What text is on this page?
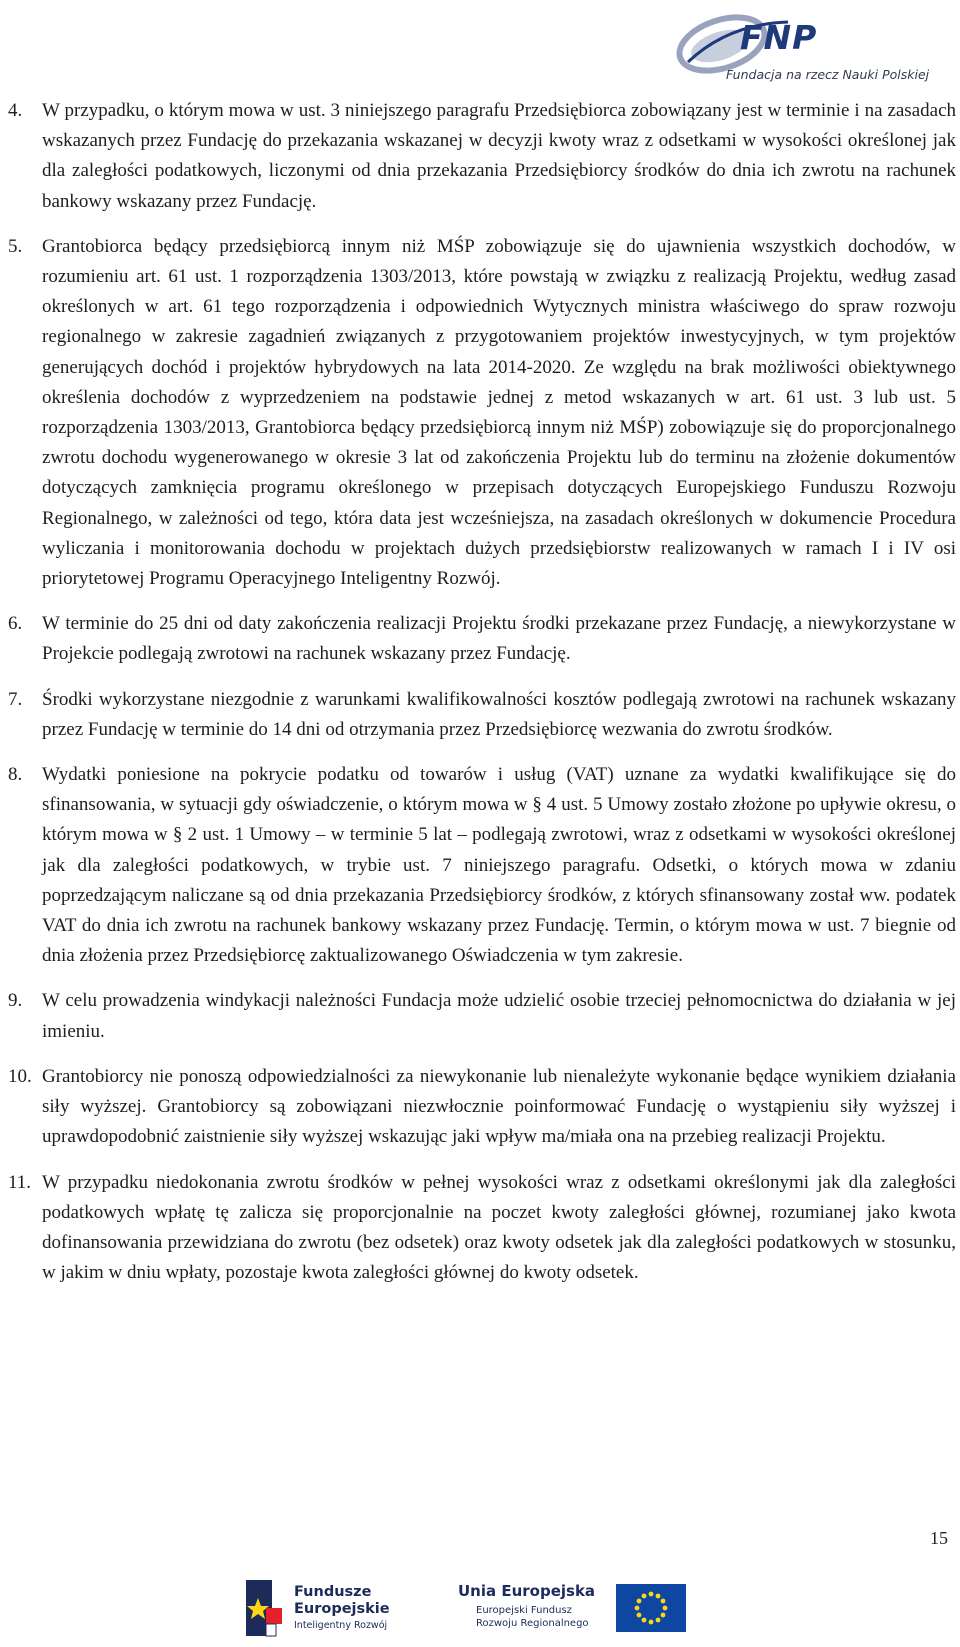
FNP
Fundacja na rzecz Nauki Polskiej
4. W przypadku, o którym mowa w ust. 3 niniejszego paragrafu Przedsiębiorca zobowiązany jest w terminie i na zasadach wskazanych przez Fundację do przekazania wskazanej w decyzji kwoty wraz z odsetkami w wysokości określonej jak dla zaległości podatkowych, liczonymi od dnia przekazania Przedsiębiorcy środków do dnia ich zwrotu na rachunek bankowy wskazany przez Fundację.
5. Grantobiorca będący przedsiębiorcą innym niż MŚP zobowiązuje się do ujawnienia wszystkich dochodów, w rozumieniu art. 61 ust. 1 rozporządzenia 1303/2013, które powstają w związku z realizacją Projektu, według zasad określonych w art. 61 tego rozporządzenia i odpowiednich Wytycznych ministra właściwego do spraw rozwoju regionalnego w zakresie zagadnień związanych z przygotowaniem projektów inwestycyjnych, w tym projektów generujących dochód i projektów hybrydowych na lata 2014-2020. Ze względu na brak możliwości obiektywnego określenia dochodów z wyprzedzeniem na podstawie jednej z metod wskazanych w art. 61 ust. 3 lub ust. 5 rozporządzenia 1303/2013, Grantobiorca będący przedsiębiorcą innym niż MŚP) zobowiązuje się do proporcjonalnego zwrotu dochodu wygenerowanego w okresie 3 lat od zakończenia Projektu lub do terminu na złożenie dokumentów dotyczących zamknięcia programu określonego w przepisach dotyczących Europejskiego Funduszu Rozwoju Regionalnego, w zależności od tego, która data jest wcześniejsza, na zasadach określonych w dokumencie Procedura wyliczania i monitorowania dochodu w projektach dużych przedsiębiorstw realizowanych w ramach I i IV osi priorytetowej Programu Operacyjnego Inteligentny Rozwój.
6. W terminie do 25 dni od daty zakończenia realizacji Projektu środki przekazane przez Fundację, a niewykorzystane w Projekcie podlegają zwrotowi na rachunek wskazany przez Fundację.
7. Środki wykorzystane niezgodnie z warunkami kwalifikowalności kosztów podlegają zwrotowi na rachunek wskazany przez Fundację w terminie do 14 dni od otrzymania przez Przedsiębiorcę wezwania do zwrotu środków.
8. Wydatki poniesione na pokrycie podatku od towarów i usług (VAT) uznane za wydatki kwalifikujące się do sfinansowania, w sytuacji gdy oświadczenie, o którym mowa w § 4 ust. 5 Umowy zostało złożone po upływie okresu, o którym mowa w § 2 ust. 1 Umowy – w terminie 5 lat – podlegają zwrotowi, wraz z odsetkami w wysokości określonej jak dla zaległości podatkowych, w trybie ust. 7 niniejszego paragrafu. Odsetki, o których mowa w zdaniu poprzedzającym naliczane są od dnia przekazania Przedsiębiorcy środków, z których sfinansowany został ww. podatek VAT do dnia ich zwrotu na rachunek bankowy wskazany przez Fundację. Termin, o którym mowa w ust. 7 biegnie od dnia złożenia przez Przedsiębiorcę zaktualizowanego Oświadczenia w tym zakresie.
9. W celu prowadzenia windykacji należności Fundacja może udzielić osobie trzeciej pełnomocnictwa do działania w jej imieniu.
10. Grantobiorcy nie ponoszą odpowiedzialności za niewykonanie lub nienależyte wykonanie będące wynikiem działania siły wyższej. Grantobiorcy są zobowiązani niezwłocznie poinformować Fundację o wystąpieniu siły wyższej i uprawdopodobnić zaistnienie siły wyższej wskazując jaki wpływ ma/miała ona na przebieg realizacji Projektu.
11. W przypadku niedokonania zwrotu środków w pełnej wysokości wraz z odsetkami określonymi jak dla zaległości podatkowych wpłatę tę zalicza się proporcjonalnie na poczet kwoty zaległości głównej, rozumianej jako kwota dofinansowania przewidziana do zwrotu (bez odsetek) oraz kwoty odsetek jak dla zaległości podatkowych w stosunku, w jakim w dniu wpłaty, pozostaje kwota zaległości głównej do kwoty odsetek.
15
Fundusze
Europejskie
Inteligentny Rozwój
Unia Europejska
Europejski Fundusz
Rozwoju Regionalnego
